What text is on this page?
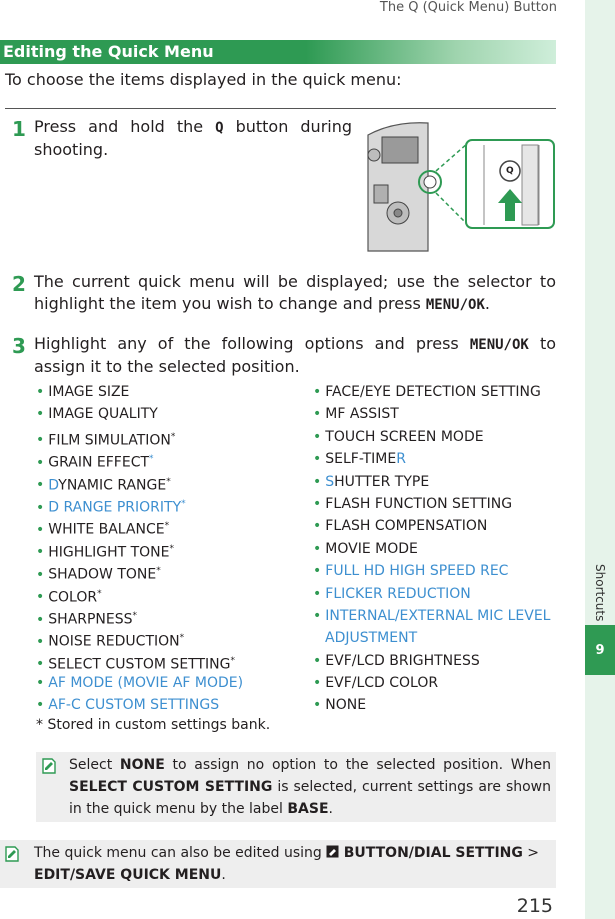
The Q (Quick Menu) Button
Shortcuts
9
Editing the Quick Menu
To choose the items displayed in the quick menu:
1 Press and hold the Q button during shooting.
Q
2 The current quick menu will be displayed; use the selector to highlight the item you wish to change and press MENU/OK.
3 Highlight any of the following options and press MENU/OK to assign it to the selected position.
• IMAGE SIZE
• IMAGE QUALITY
• FILM SIMULATION*
• GRAIN EFFECT*
• DYNAMIC RANGE*
• D RANGE PRIORITY*
• WHITE BALANCE*
• HIGHLIGHT TONE*
• SHADOW TONE*
• COLOR*
• SHARPNESS*
• NOISE REDUCTION*
• SELECT CUSTOM SETTING*
• AF MODE (MOVIE AF MODE)
• AF-C CUSTOM SETTINGS
• FACE/EYE DETECTION SETTING
• MF ASSIST
• TOUCH SCREEN MODE
• SELF-TIMER
• SHUTTER TYPE
• FLASH FUNCTION SETTING
• FLASH COMPENSATION
• MOVIE MODE
• FULL HD HIGH SPEED REC
• FLICKER REDUCTION
• INTERNAL/EXTERNAL MIC LEVEL
ADJUSTMENT
• EVF/LCD BRIGHTNESS
• EVF/LCD COLOR
• NONE
* Stored in custom settings bank.
Select NONE to assign no option to the selected position. When SELECT CUSTOM SETTING is selected, current settings are shown in the quick menu by the label BASE.
The quick menu can also be edited using  BUTTON/DIAL SETTING > EDIT/SAVE QUICK MENU.
215
